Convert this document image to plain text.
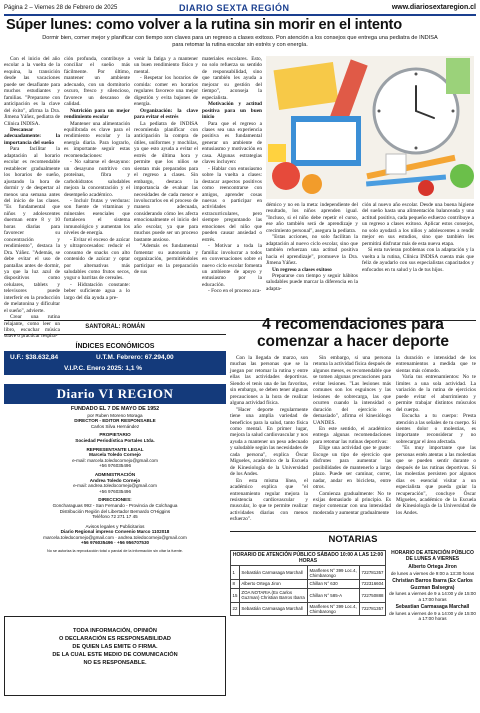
Página 2 – Viernes 28 de Febrero de 2025	DIARIO SEXTA REGIÓN	www.diariosextaregion.cl
Súper lunes: como volver a la rutina sin morir en el intento

Dormir bien, comer mejor y planificar con tiempo son claves para un regreso a clases exitoso. Pon atención a los consejos que entrega una pediatra de INDISA para retomar la rutina escolar sin estrés y con energía.

Con el inicio del año escolar a la vuelta de la esquina, la transición desde las vacaciones puede ser desafiante para muchos estudiantes y familias. "Prepararse con anticipación es la clave del éxito", afirma la Dra. Jimena Yáñez, pediatra de Clínica INDISA.

Descansar adecuadamente: la importancia del sueño

Para facilitar la adaptación al horario escolar es recomendable restablecer gradualmente los horarios de sueño, ajustando la hora de dormir y de despertar al menos una semana antes del inicio de las clases. "Es fundamental que niños y adolescentes duerman entre 8 y 10 horas diarias para favorecer su concentración y rendimiento", destaca la Dra. Yáñez. "Además, se debe evitar el uso de pantallas antes de dormir, ya que la luz azul de dispositivos como celulares, tablets y televisores puede interferir en la producción de melatonina y dificultar el sueño", advierte.

Crear una rutina relajante, como leer un libro, escuchar música suave o practicar respira-

ción profunda, contribuye a conciliar el sueño más fácilmente. Por último, mantener un ambiente adecuado, con un dormitorio oscuro, fresco y silencioso, favorece un descanso de calidad.

Nutrición para un mejor rendimiento escolar

Mantener una alimentación equilibrada es clave para el rendimiento escolar y la energía diaria. Para lograrlo, es importante seguir estas recomendaciones:

- No saltarse el desayuno: un desayuno nutritivo con proteínas, fibra y carbohidratos saludables mejora la concentración y el desempeño académico.

- Incluir frutas y verduras: son fuente de vitaminas y minerales esenciales que fortalecen el sistema inmunológico y aumentan los niveles de energía.

- Evitar el exceso de azúcar y ultraprocesados: reducir el consumo de snacks con alto contenido de azúcar y optar por alternativas más saludables como frutos secos, yogur o barritas de cereales.

- Hidratación constante: beber suficiente agua a lo largo del día ayuda a pre-

venir la fatiga y a mantener un buen rendimiento físico y mental.

- Respetar los horarios de comida: comer en horarios regulares favorece una mejor digestión y evita bajones de energía.

Organización: la clave para evitar el estrés

La pediatra de INDISA recomienda planificar con anticipación la compra de útiles, uniformes y mochilas, ya que esto ayuda a evitar el estrés de última hora y permite que los niños se sientan más preparados para el regreso a clases. Sin embargo, destaca la importancia de evaluar las necesidades de cada menor e involucrarlos en el proceso de manera adecuada, considerando cómo les afecta emocionalmente el inicio del año escolar, ya que para muchos puede ser un proceso bastante ansioso.

"Además es fundamental fomentar su autonomía y organización, permitiéndoles participar en la preparación de sus

materiales escolares. Esto, no solo refuerza su sentido de responsabilidad, sino que también les ayuda a mejorar su gestión del tiempo", aconseja la especialista.

Motivación y actitud positiva para un buen inicio

Para que el regreso a clases sea una experiencia positiva es fundamental generar un ambiente de entusiasmo y motivación en casa. Algunas estrategias claves incluyen:

- Hablar con entusiasmo sobre la vuelta a clases: destacar aspectos positivos como reencontrarse con amigos, aprender cosas nuevas o participar en actividades extracurriculares, pero siempre preguntando las emociones del niño que pueden causar ansiedad o estrés.

- Motivar a toda la familia: involucrar a todos en conversaciones sobre el nuevo ciclo escolar fomenta un ambiente de apoyo y entusiasmo por la educación.

- Foco en el proceso aca-

démico y no en la meta: independiente del resultado, los niños aprenden igual. "Incluso, si el niño debe repetir el curso, ese año también será de aprendizaje y crecimiento personal", asegura la pediatra.

"Estas acciones, no solo facilitan la adaptación al nuevo ciclo escolar, sino que también refuerzan una actitud positiva hacia el aprendizaje", promueve la Dra. Jimena Yáñez.

Un regreso a clases exitoso

Prepararse con tiempo y seguir hábitos saludables puede marcar la diferencia en la adapta-

ción al nuevo año escolar. Desde una buena higiene del sueño hasta una alimentación balanceada y una actitud positiva, cada pequeño esfuerzo contribuye a un regreso a clases exitoso. Aplicar estos consejos, no solo ayudará a los niños y adolescentes a rendir mejor en sus estudios, sino que también les permitirá disfrutar más de esta nueva etapa.

Si esta tuvieran problemas con la adaptación y la vuelta a la rutina, Clínica INDISA cuenta más que feliz de ayudarlo con sus especialistas capacitados y enfocados en tu salud y la de tus hijos.

4 recomendaciones para comenzar a hacer deporte

Con la llegada de marzo, son muchas las personas que se la juegan por retomar la rutina y entre ellas las actividades deportivas. Siendo el tenis una de las favoritas, sin embargo, se deben tener algunas precauciones a la hora de realizar alguna actividad física.

"Hacer deporte regularmente tiene una amplia variedad de beneficios para la salud, tanto física como mental. En primer lugar, mejora la salud cardiovascular y nos ayuda a mantener un peso adecuado y saludable según las necesidades de cada persona", explica Óscar Migueles, académico de la Escuela de Kinesiología de la Universidad de los Andes.

En esta misma línea, el académico explica que "el entrenamiento regular mejora la resistencia cardiovascular y muscular, lo que te permite realizar actividades diarias con menos esfuerzo".

Sin embargo, si una persona retoma la actividad física después de algunos meses, es recomendable que se tomen algunas precauciones para evitar lesiones. "Las lesiones más comunes son los esguinces y las lesiones de sobrecarga, las que ocurren cuando la intensidad o duración del ejercicio es demasiado", afirma el kinesiólogo UANDES.

En este sentido, el académico entrega algunas recomendaciones para retomar las rutinas deportivas:

Elige una actividad que te guste: Escoge un tipo de ejercicio que disfrutes para aumentar las posibilidades de mantenerlo a largo plazo. Puede ser caminar, correr, nadar, andar en bicicleta, entre otros.

Comienza gradualmente: No te exijas demasiado al principio. Es mejor comenzar con una intensidad moderada y aumentar gradualmente

la duración e intensidad de los entrenamientos a medida que te sientas más cómodo.

Varía tus entrenamientos: No te limites a una sola actividad. La variación de la rutina de ejercicios puede evitar el aburrimiento y permite trabajar distintos músculos del cuerpo.

Escucha a tu cuerpo: Presta atención a las señales de tu cuerpo. Si sientes dolor o molestias, es importante reconsiderar y no sobrecargar el área afectada.

"Es muy importante que las personas estén atentas a las molestias que se pueden sentir durante o después de las rutinas deportivas. Si las molestias persisten por algunos días es esencial visitar a un especialista que pueda guiar la recuperación", concluye Óscar Migueles, académico de la Escuela de Kinesiología de la Universidad de los Andes.

SANTORAL: ROMÁN
ÍNDICES ECONÓMICOS
U.F.: $38.632,84	U.T.M. Febrero: 67.294,00
V.I.P.C. Enero 2025: 1,1 %
Diario VI REGION
FUNDADO EL 7 DE MAYO DE 1952
por Ruben Moreno Moraga
DIRECTOR - EDITOR RESPONSABLE
Carlos Silva Hernández
PROPIETARIO
Sociedad Periodística Portales Ltda.
REPRESENTANTE LEGAL
Marcela Toledo Cornejo
e-mail: marcela.toledocornejo@gmail.com
+56 976035496
ADMINISTRACIÓN
Andrea Toledo Cornejo
e-mail: andrea.toledocornejo@gmail.com
+56 976035496
DIRECCIONES:
Goncharaguas 992 - San Fernando - Provincia de Colchagua
Distribución Región del Libertador Bernardo O'Higgins
Teléfono 72 271 17 45
Avisos legales y Publicitarios
Diario Regional impreso Convenio Marco 1102018
marcela.toledocornejo@gmail.com · andrea.toledocornejo@gmail.com
+56 976035496 · +56 956707530
No se autoriza la reproducción total o parcial de la información sin citar la fuente.
TODA INFORMACIÓN, OPINIÓN
O DECLARACIÓN ES RESPONSABILIDAD
DE QUIEN LAS EMITE O FIRMA.
DE LA CUAL ESTE MEDIO DE COMUNICACIÓN
NO ES RESPONSABLE.
NOTARIAS
HORARIO DE ATENCIÓN PÚBLICO SÁBADO 10:00 A LAS 12:00 HORAS			
1	Sebastián Carmasaga Marchall	Manfleres N° 399 Loc.4, Chimbarongo	722781357
8	Alberto Ortega Jiron	Chillan N° 630	722316604
15	ZOA NOTARIA (Ex Carlos Guzman) Christian Barros Ibarra	Chillan N° 585-A	722750888
22	Sebastián Carmasaga Marchall	Manfleres N° 399 Loc.4, Chimbarongo	722781357
HORARIO DE ATENCIÓN PÚBLICO DE LUNES A VIERNES
Alberto Ortega Jiron
de lunes a viernes de 9:00 a 13:30 horas
Christian Barros Ibarra (Ex Carlos Guzman Balsegra)
de lunes a viernes de 9 a 14:00 y de 15:00 a 17:00 horas
Sebastian Carmasaga Marchall
de lunes a viernes de 9 a 14:00 y de 15:00 a 17:00 horas
